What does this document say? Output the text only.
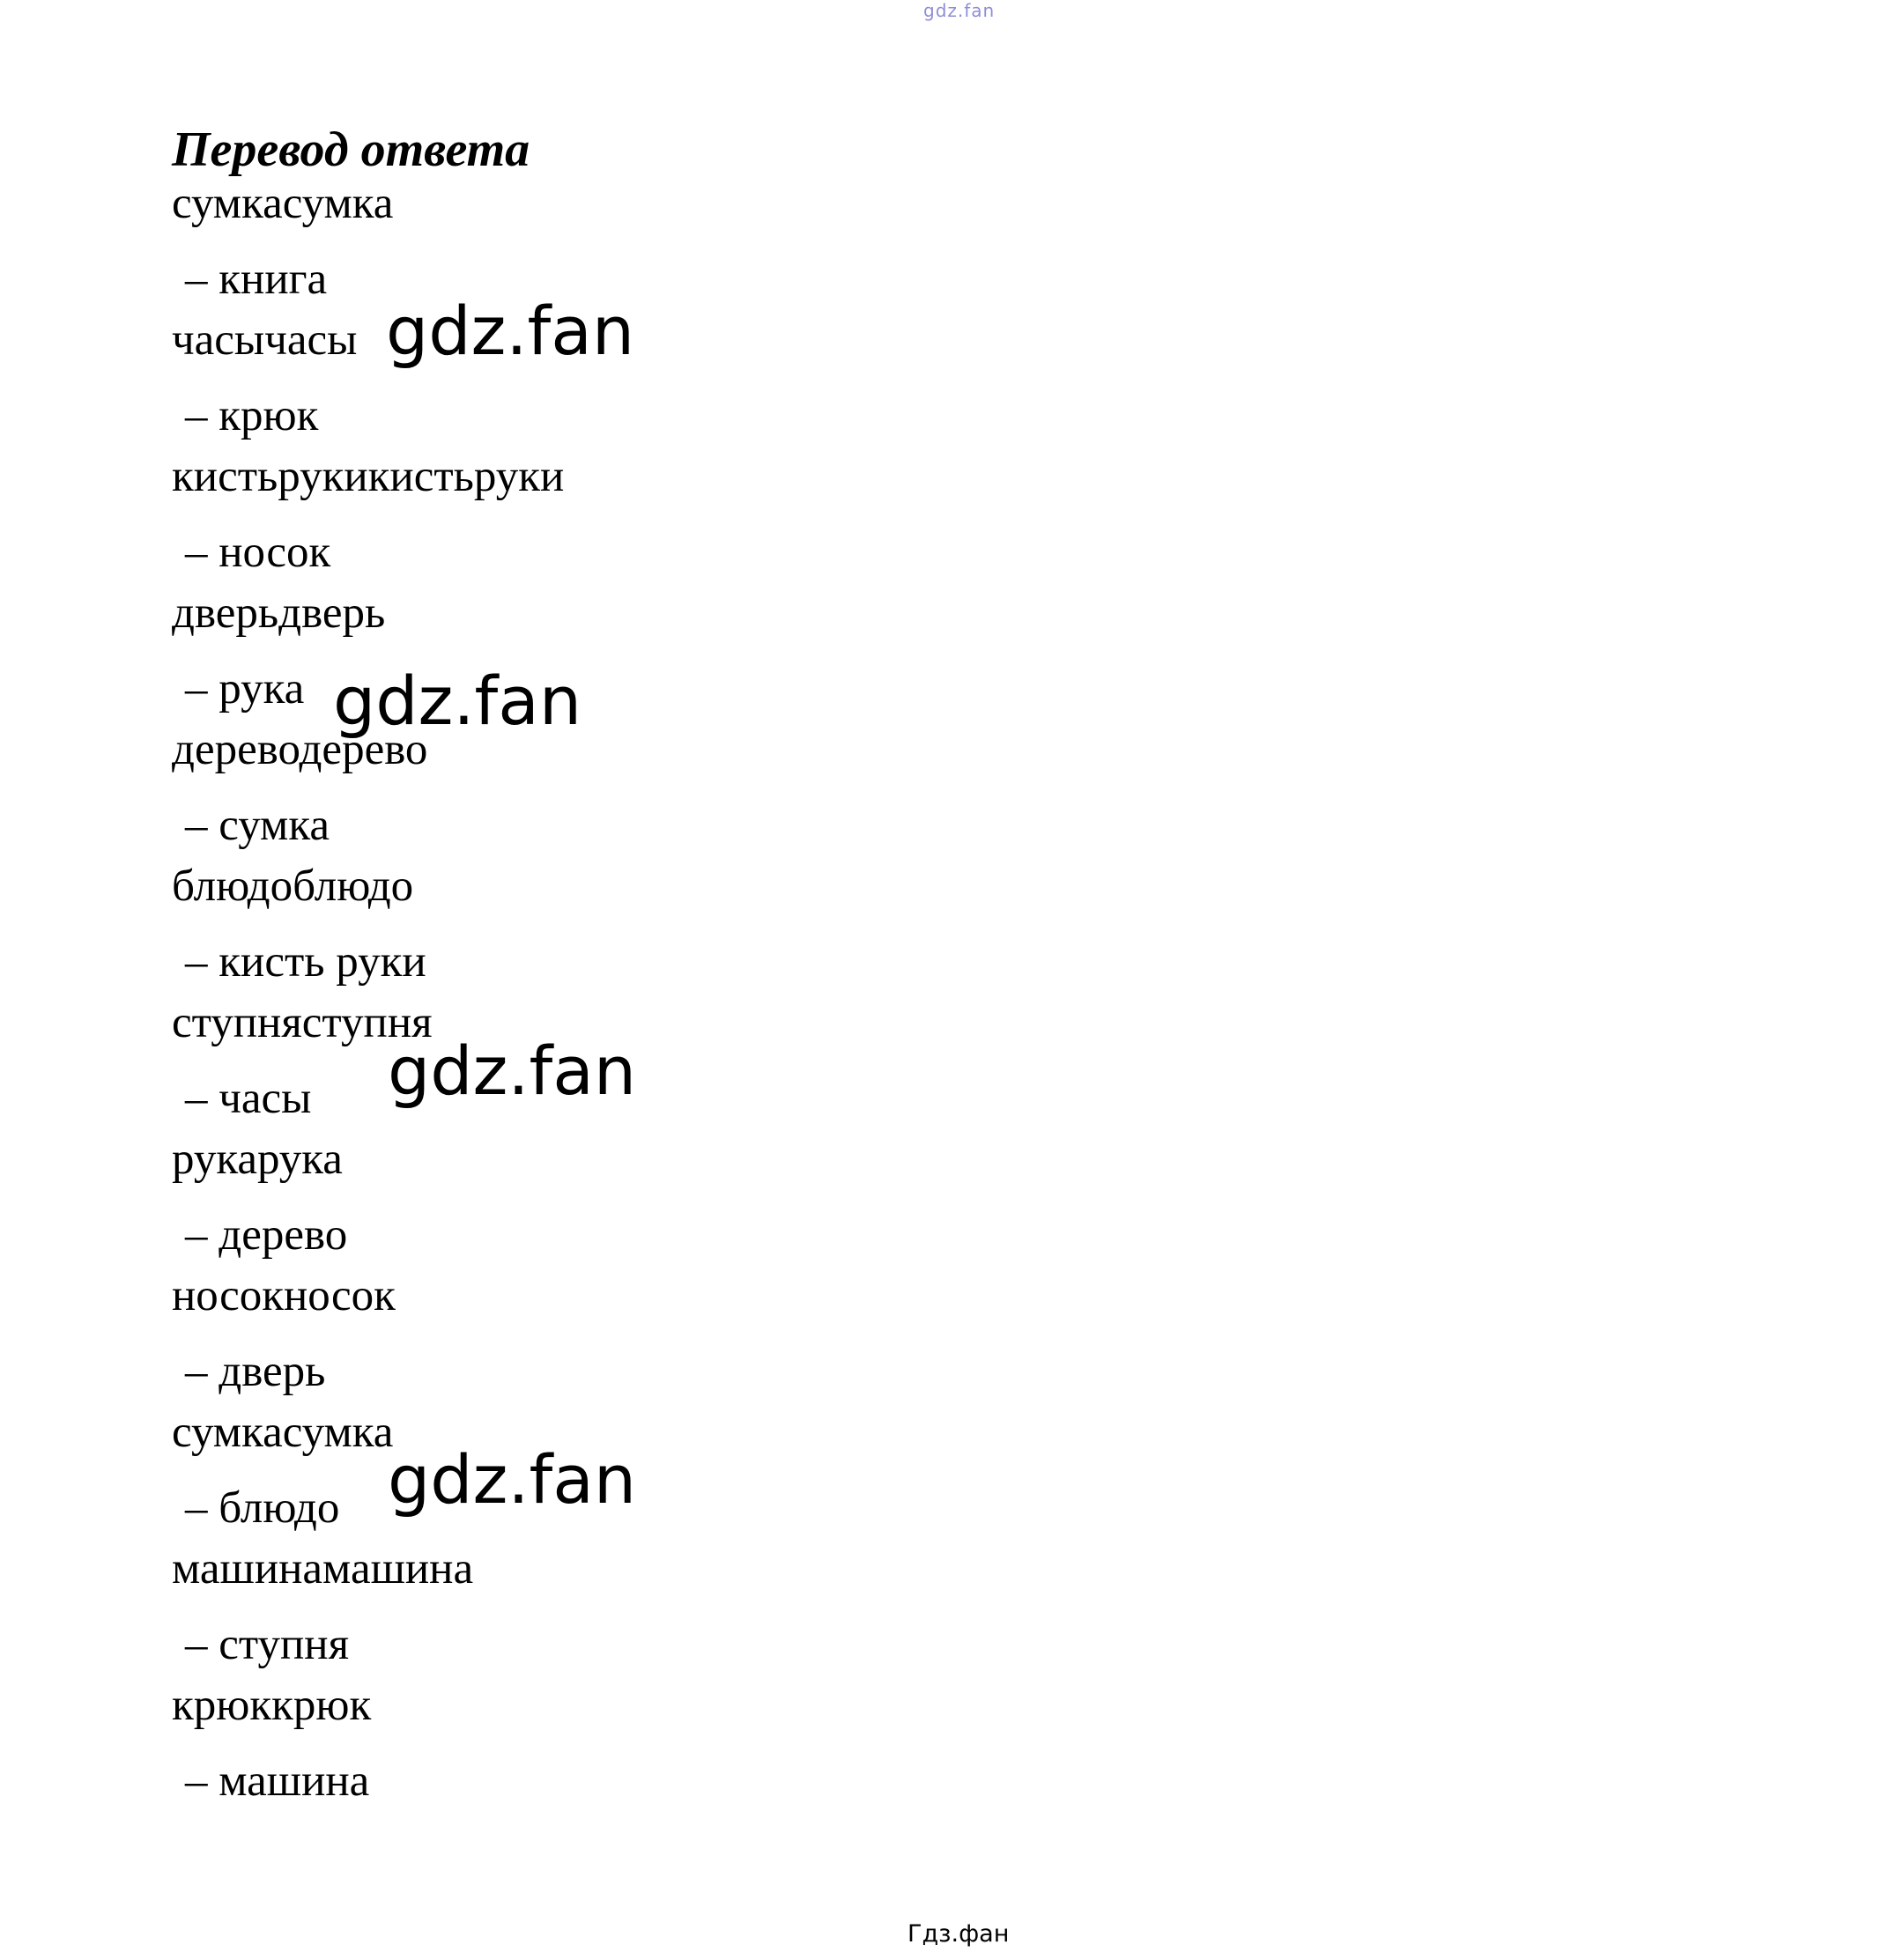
gdz.fan
Перевод ответа
сумкасумка
– книга
часычасы
– крюк
кистьрукикистьруки
– носок
дверьдверь
– рука
дереводерево
– сумка
блюдоблюдо
– кисть руки
ступняступня
– часы
рукарука
– дерево
носокносок
– дверь
сумкасумка
– блюдо
машинамашина
– ступня
крюккрюк
– машина
gdz.fan
gdz.fan
gdz.fan
gdz.fan
Гдз.фан
